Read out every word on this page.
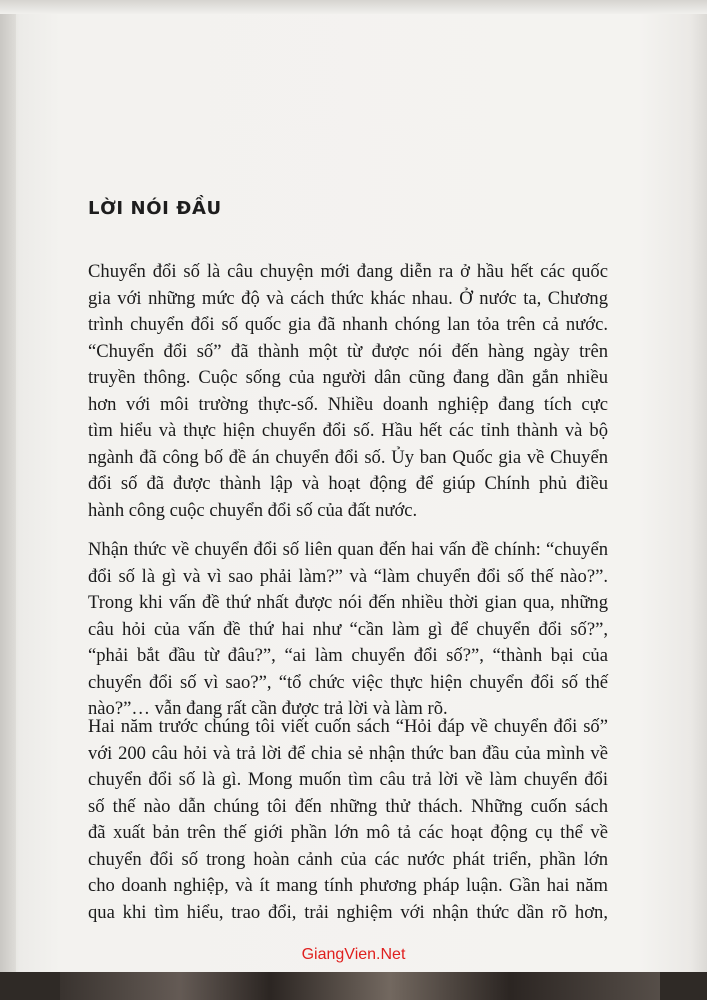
LỜI NÓI ĐẦU
Chuyển đổi số là câu chuyện mới đang diễn ra ở hầu hết các quốc
gia với những mức độ và cách thức khác nhau. Ở nước ta, Chương
trình chuyển đổi số quốc gia đã nhanh chóng lan tỏa trên cả nước.
“Chuyển đổi số” đã thành một từ được nói đến hàng ngày trên
truyền thông. Cuộc sống của người dân cũng đang dần gắn nhiều
hơn với môi trường thực-số. Nhiều doanh nghiệp đang tích cực
tìm hiểu và thực hiện chuyển đổi số. Hầu hết các tỉnh thành và bộ
ngành đã công bố đề án chuyển đổi số. Ủy ban Quốc gia về Chuyển
đổi số đã được thành lập và hoạt động để giúp Chính phủ điều
hành công cuộc chuyển đổi số của đất nước.
Nhận thức về chuyển đổi số liên quan đến hai vấn đề chính: “chuyển
đổi số là gì và vì sao phải làm?” và “làm chuyển đổi số thế nào?”.
Trong khi vấn đề thứ nhất được nói đến nhiều thời gian qua, những
câu hỏi của vấn đề thứ hai như “cần làm gì để chuyển đổi số?”,
“phải bắt đầu từ đâu?”, “ai làm chuyển đổi số?”, “thành bại của
chuyển đổi số vì sao?”, “tổ chức việc thực hiện chuyển đổi số thế
nào?”… vẫn đang rất cần được trả lời và làm rõ.
Hai năm trước chúng tôi viết cuốn sách “Hỏi đáp về chuyển đổi số”
với 200 câu hỏi và trả lời để chia sẻ nhận thức ban đầu của mình về
chuyển đổi số là gì. Mong muốn tìm câu trả lời về làm chuyển đổi
số thế nào dẫn chúng tôi đến những thử thách. Những cuốn sách
đã xuất bản trên thế giới phần lớn mô tả các hoạt động cụ thể về
chuyển đổi số trong hoàn cảnh của các nước phát triển, phần lớn
cho doanh nghiệp, và ít mang tính phương pháp luận. Gần hai năm
qua khi tìm hiểu, trao đổi, trải nghiệm với nhận thức dần rõ hơn,
GiangVien.Net
